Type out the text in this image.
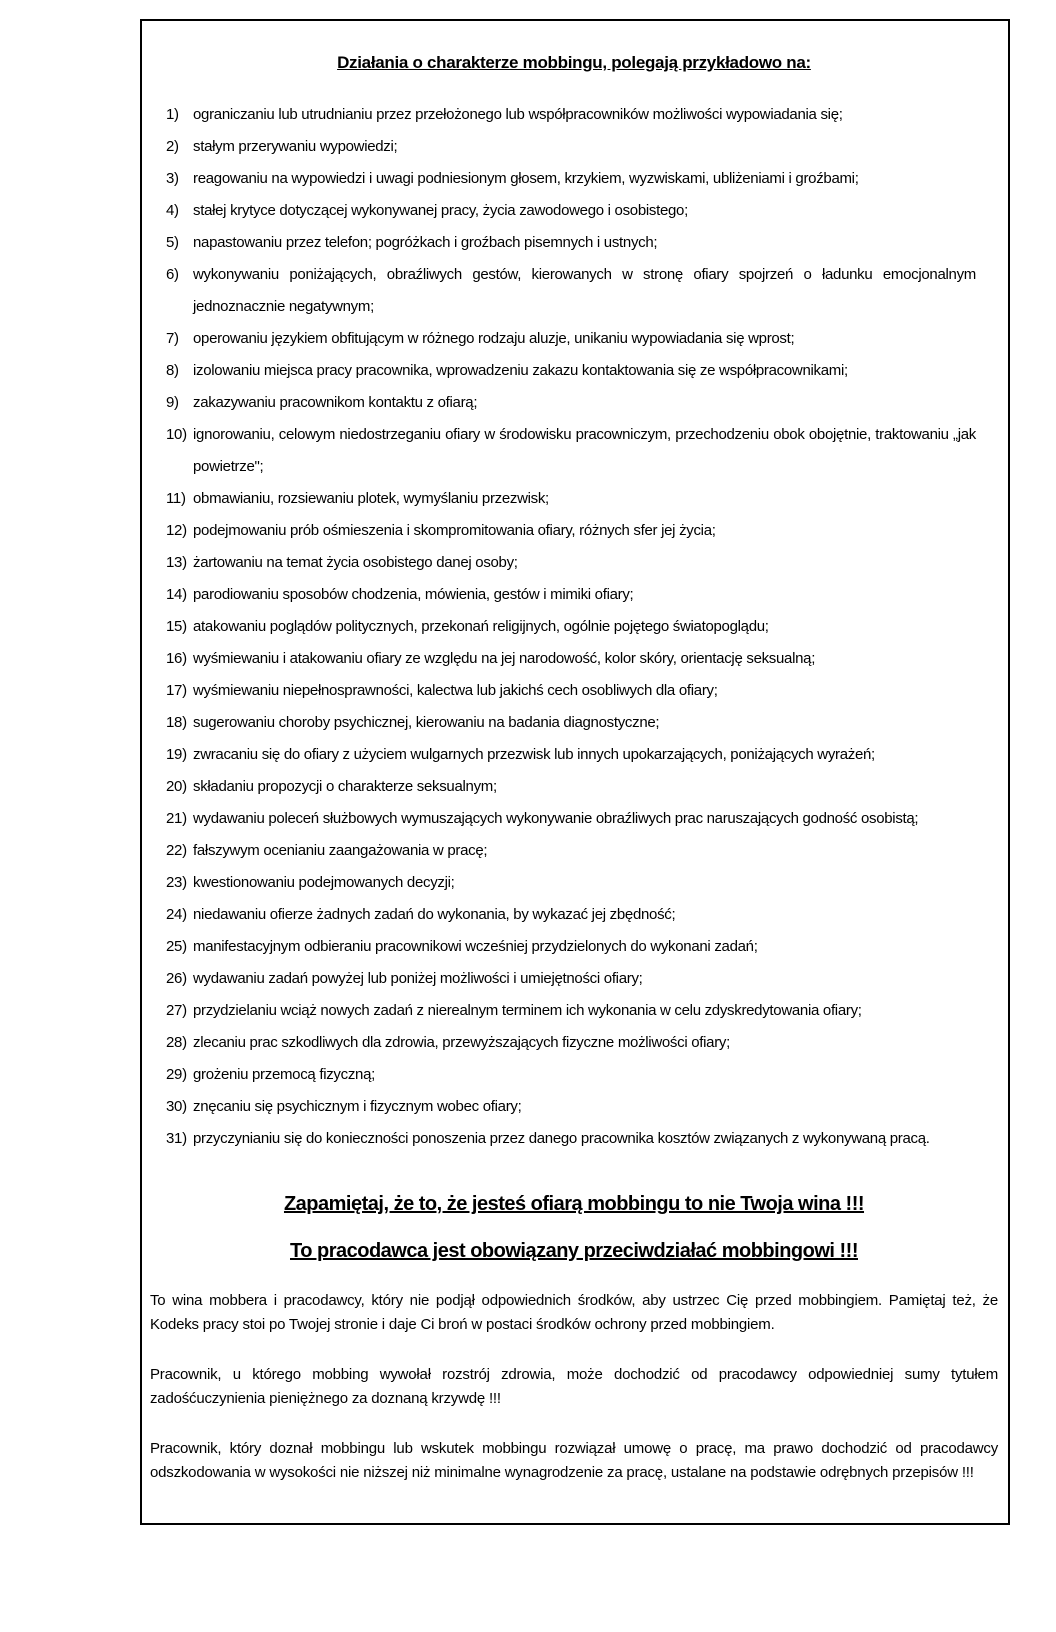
Działania o charakterze mobbingu, polegają przykładowo na:
1) ograniczaniu lub utrudnianiu przez przełożonego lub współpracowników możliwości wypowiadania się;
2) stałym przerywaniu wypowiedzi;
3) reagowaniu na wypowiedzi i uwagi podniesionym głosem, krzykiem, wyzwiskami, ubliżeniami i groźbami;
4) stałej krytyce dotyczącej wykonywanej pracy, życia zawodowego i osobistego;
5) napastowaniu przez telefon; pogróżkach i groźbach pisemnych i ustnych;
6) wykonywaniu poniżających, obraźliwych gestów, kierowanych w stronę ofiary spojrzeń o ładunku emocjonalnym jednoznacznie negatywnym;
7) operowaniu językiem obfitującym w różnego rodzaju aluzje, unikaniu wypowiadania się wprost;
8) izolowaniu miejsca pracy pracownika, wprowadzeniu zakazu kontaktowania się ze współpracownikami;
9) zakazywaniu pracownikom kontaktu z ofiarą;
10) ignorowaniu, celowym niedostrzeganiu ofiary w środowisku pracowniczym, przechodzeniu obok obojętnie, traktowaniu „jak powietrze";
11) obmawianiu, rozsiewaniu plotek, wymyślaniu przezwisk;
12) podejmowaniu prób ośmieszenia i skompromitowania ofiary, różnych sfer jej życia;
13) żartowaniu na temat życia osobistego danej osoby;
14) parodiowaniu sposobów chodzenia, mówienia, gestów i mimiki ofiary;
15) atakowaniu poglądów politycznych, przekonań religijnych, ogólnie pojętego światopoglądu;
16) wyśmiewaniu i atakowaniu ofiary ze względu na jej narodowość, kolor skóry, orientację seksualną;
17) wyśmiewaniu niepełnosprawności, kalectwa lub jakichś cech osobliwych dla ofiary;
18) sugerowaniu choroby psychicznej, kierowaniu na badania diagnostyczne;
19) zwracaniu się do ofiary z użyciem wulgarnych przezwisk lub innych upokarzających, poniżających wyrażeń;
20) składaniu propozycji o charakterze seksualnym;
21) wydawaniu poleceń służbowych wymuszających wykonywanie obraźliwych prac naruszających godność osobistą;
22) fałszywym ocenianiu zaangażowania w pracę;
23) kwestionowaniu podejmowanych decyzji;
24) niedawaniu ofierze żadnych zadań do wykonania, by wykazać jej zbędność;
25) manifestacyjnym odbieraniu pracownikowi wcześniej przydzielonych do wykonani zadań;
26) wydawaniu zadań powyżej lub poniżej możliwości i umiejętności ofiary;
27) przydzielaniu wciąż nowych zadań z nierealnym terminem ich wykonania w celu zdyskredytowania ofiary;
28) zlecaniu prac szkodliwych dla zdrowia, przewyższających fizyczne możliwości ofiary;
29) grożeniu przemocą fizyczną;
30) znęcaniu się psychicznym i fizycznym wobec ofiary;
31) przyczynianiu się do konieczności ponoszenia przez danego pracownika kosztów związanych z wykonywaną pracą.
Zapamiętaj, że to, że jesteś ofiarą mobbingu to nie Twoja wina !!!
To pracodawca jest obowiązany przeciwdziałać mobbingowi !!!

To wina mobbera i pracodawcy, który nie podjął odpowiednich środków, aby ustrzec Cię przed mobbingiem. Pamiętaj też, że Kodeks pracy stoi po Twojej stronie i daje Ci broń w postaci środków ochrony przed mobbingiem.

Pracownik, u którego mobbing wywołał rozstrój zdrowia, może dochodzić od pracodawcy odpowiedniej sumy tytułem zadośćuczynienia pieniężnego za doznaną krzywdę !!!

Pracownik, który doznał mobbingu lub wskutek mobbingu rozwiązał umowę o pracę, ma prawo dochodzić od pracodawcy odszkodowania w wysokości nie niższej niż minimalne wynagrodzenie za pracę, ustalane na podstawie odrębnych przepisów !!!
